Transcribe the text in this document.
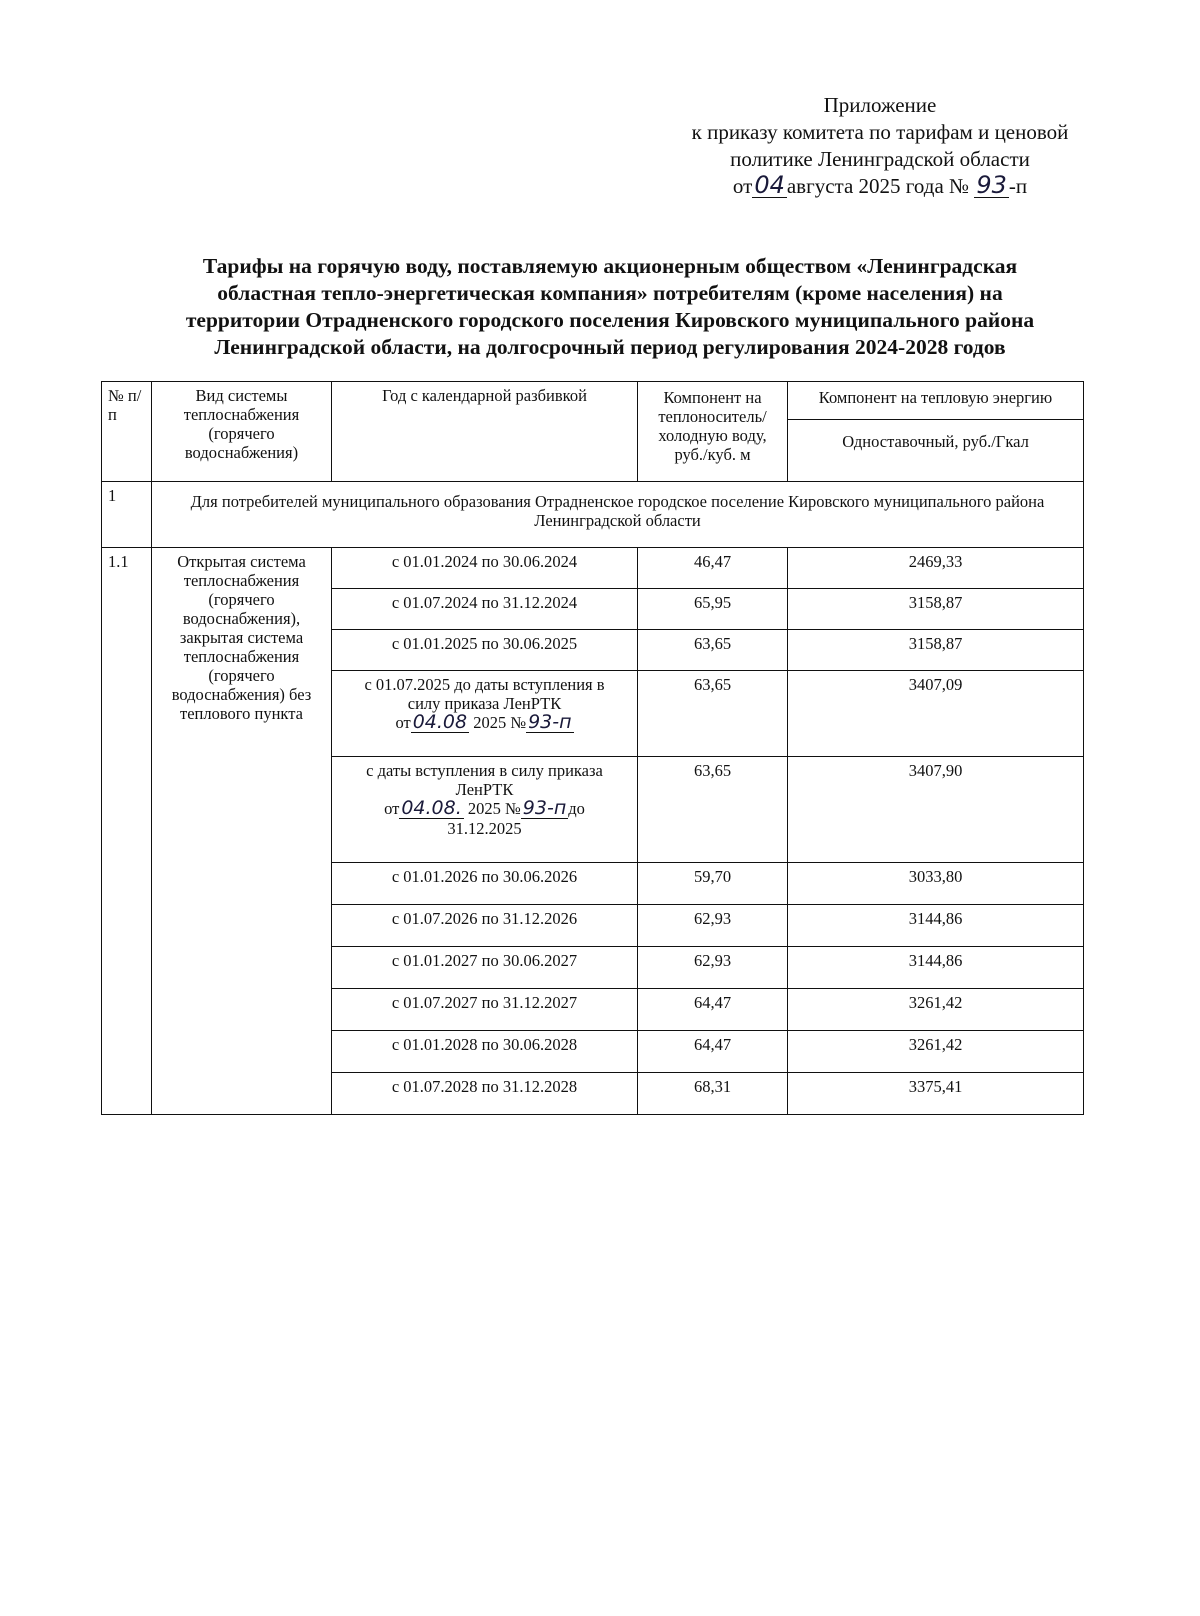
Приложение
к приказу комитета по тарифам и ценовой
политике Ленинградской области
от04августа 2025 года № 93-п
Тарифы на горячую воду, поставляемую акционерным обществом «Ленинградская
областная тепло-энергетическая компания» потребителям (кроме населения) на
территории Отрадненского городского поселения Кировского муниципального района
Ленинградской области, на долгосрочный период регулирования 2024-2028 годов
№ п/п	Вид системы теплоснабжения (горячего водоснабжения)	Год с календарной разбивкой	Компонент на теплоноситель/ холодную воду, руб./куб. м	Компонент на тепловую энергию
				Одноставочный, руб./Гкал
1	Для потребителей муниципального образования Отрадненское городское поселение Кировского муниципального района Ленинградской области			
1.1	Открытая система теплоснабжения (горячего водоснабжения), закрытая система теплоснабжения (горячего водоснабжения) без теплового пункта	с 01.01.2024 по 30.06.2024	46,47	2469,33
		с 01.07.2024 по 31.12.2024	65,95	3158,87
		с 01.01.2025 по 30.06.2025	63,65	3158,87

		с 01.07.2025 до даты вступления в
силу приказа ЛенРТК
от 04.08 2025 № 93-п	63,65	3407,09

		с даты вступления в силу приказа
ЛенРТК
от 04.08. 2025 № 93-п до
31.12.2025	63,65	3407,90
		с 01.01.2026 по 30.06.2026	59,70	3033,80
		с 01.07.2026 по 31.12.2026	62,93	3144,86
		с 01.01.2027 по 30.06.2027	62,93	3144,86
		с 01.07.2027 по 31.12.2027	64,47	3261,42
		с 01.01.2028 по 30.06.2028	64,47	3261,42
		с 01.07.2028 по 31.12.2028	68,31	3375,41
